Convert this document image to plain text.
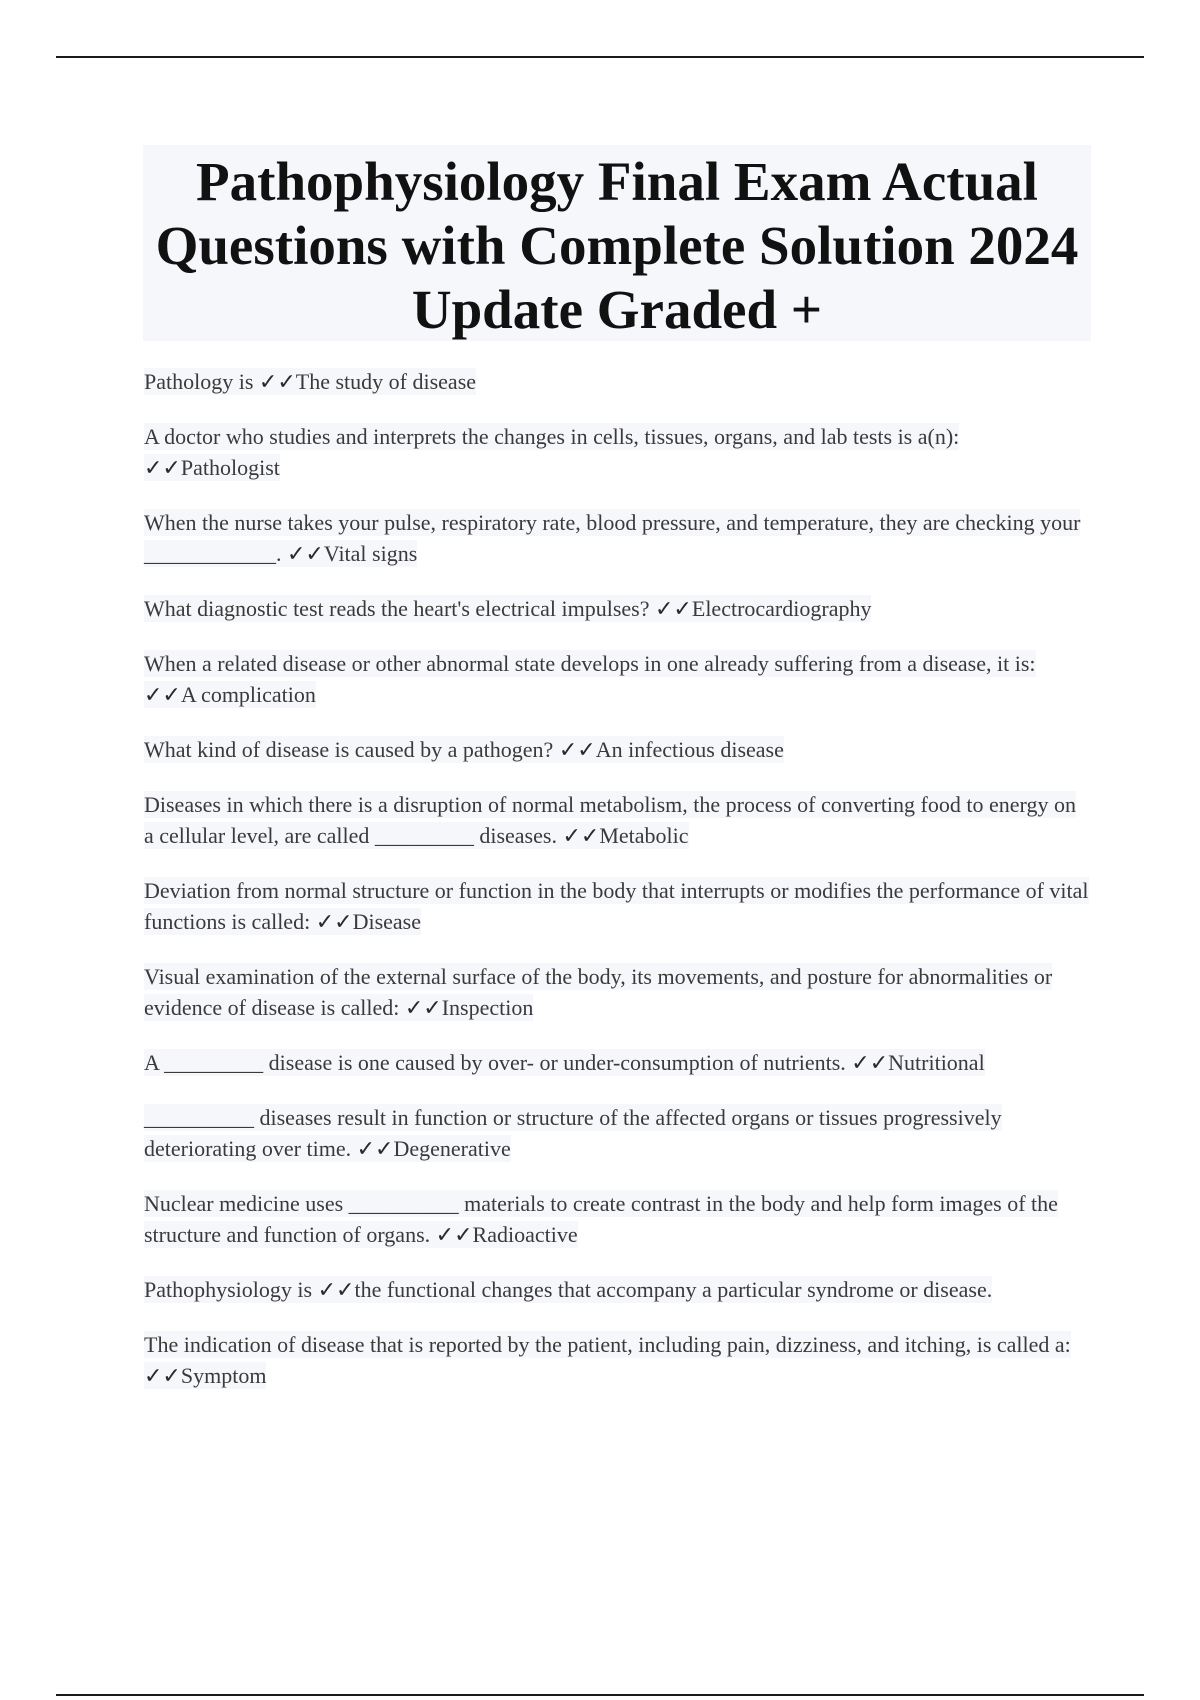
Pathophysiology Final Exam Actual Questions with Complete Solution 2024 Update Graded +

Pathology is ✓✓The study of disease

A doctor who studies and interprets the changes in cells, tissues, organs, and lab tests is a(n): ✓✓Pathologist

When the nurse takes your pulse, respiratory rate, blood pressure, and temperature, they are checking your ____________. ✓✓Vital signs

What diagnostic test reads the heart's electrical impulses? ✓✓Electrocardiography

When a related disease or other abnormal state develops in one already suffering from a disease, it is: ✓✓A complication

What kind of disease is caused by a pathogen? ✓✓An infectious disease

Diseases in which there is a disruption of normal metabolism, the process of converting food to energy on a cellular level, are called _________ diseases. ✓✓Metabolic

Deviation from normal structure or function in the body that interrupts or modifies the performance of vital functions is called: ✓✓Disease

Visual examination of the external surface of the body, its movements, and posture for abnormalities or evidence of disease is called: ✓✓Inspection

A _________ disease is one caused by over- or under-consumption of nutrients. ✓✓Nutritional

__________ diseases result in function or structure of the affected organs or tissues progressively deteriorating over time. ✓✓Degenerative

Nuclear medicine uses __________ materials to create contrast in the body and help form images of the structure and function of organs. ✓✓Radioactive

Pathophysiology is ✓✓the functional changes that accompany a particular syndrome or disease.

The indication of disease that is reported by the patient, including pain, dizziness, and itching, is called a: ✓✓Symptom
